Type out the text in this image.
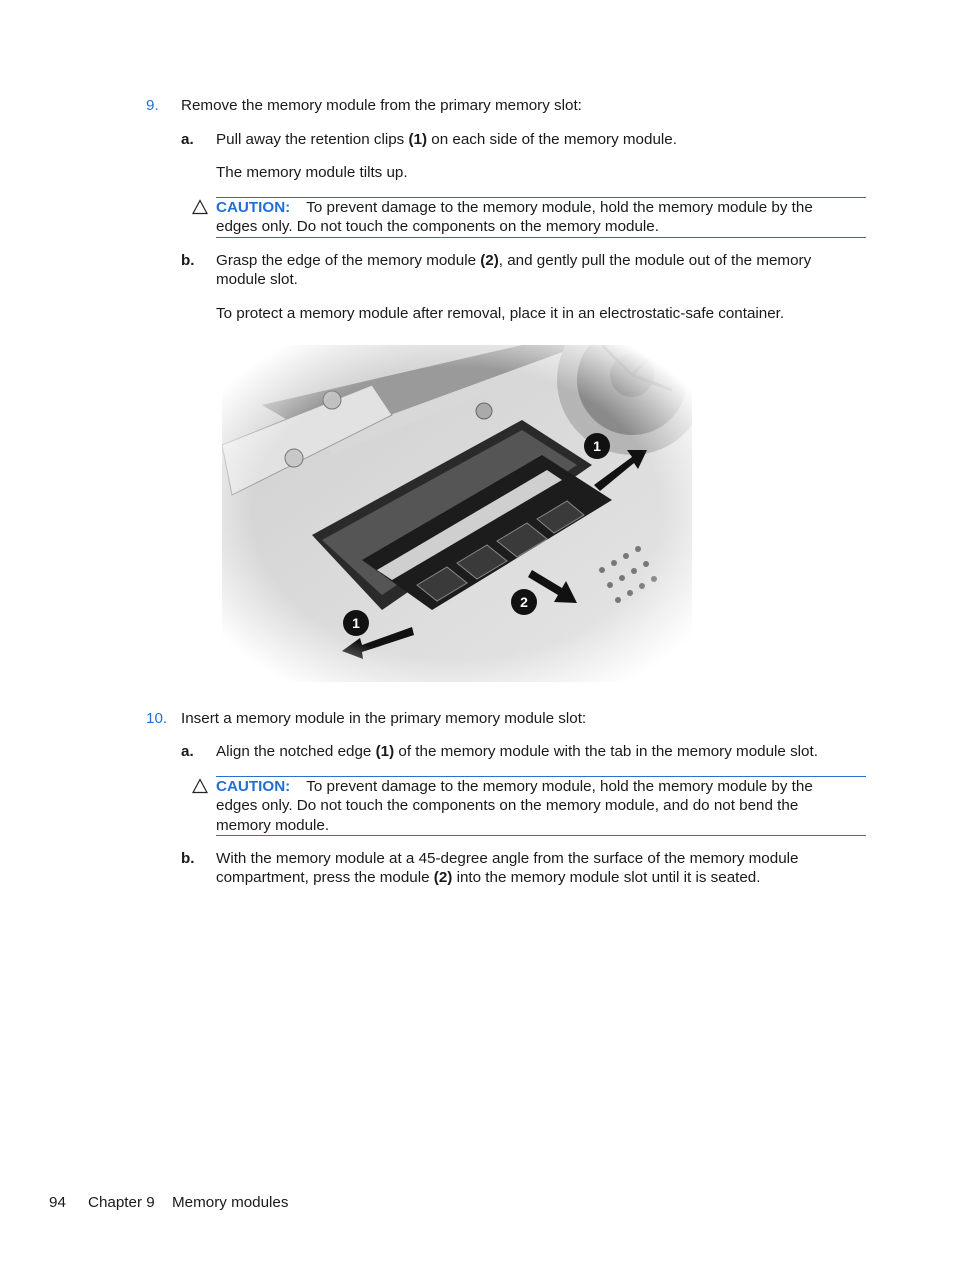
9. Remove the memory module from the primary memory slot:
a. Pull away the retention clips (1) on each side of the memory module.
The memory module tilts up.
CAUTION: To prevent damage to the memory module, hold the memory module by the
edges only. Do not touch the components on the memory module.
b. Grasp the edge of the memory module (2), and gently pull the module out of the memory
module slot.
To protect a memory module after removal, place it in an electrostatic-safe container.
10. Insert a memory module in the primary memory module slot:
a. Align the notched edge (1) of the memory module with the tab in the memory module slot.
CAUTION: To prevent damage to the memory module, hold the memory module by the
edges only. Do not touch the components on the memory module, and do not bend the
memory module.
b. With the memory module at a 45-degree angle from the surface of the memory module
compartment, press the module (2) into the memory module slot until it is seated.
94 Chapter 9 Memory modules
